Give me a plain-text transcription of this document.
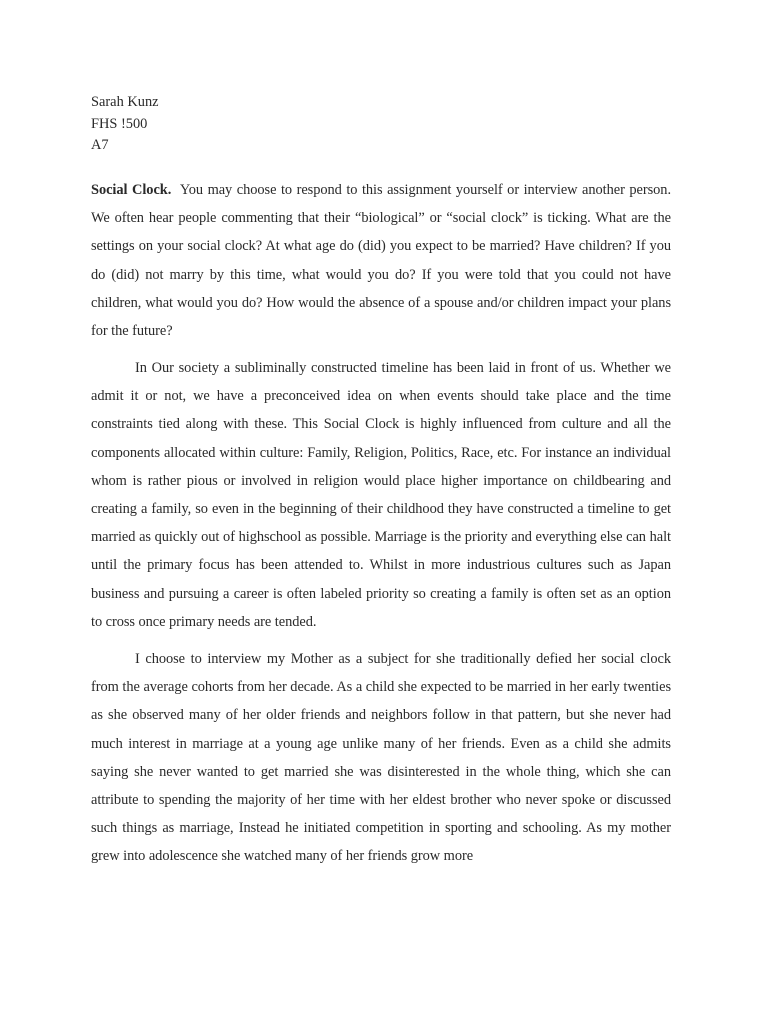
Sarah Kunz
FHS !500
A7
Social Clock. You may choose to respond to this assignment yourself or interview another person. We often hear people commenting that their “biological” or “social clock” is ticking. What are the settings on your social clock? At what age do (did) you expect to be married? Have children? If you do (did) not marry by this time, what would you do? If you were told that you could not have children, what would you do? How would the absence of a spouse and/or children impact your plans for the future?
In Our society a subliminally constructed timeline has been laid in front of us. Whether we admit it or not, we have a preconceived idea on when events should take place and the time constraints tied along with these. This Social Clock is highly influenced from culture and all the components allocated within culture: Family, Religion, Politics, Race, etc. For instance an individual whom is rather pious or involved in religion would place higher importance on childbearing and creating a family, so even in the beginning of their childhood they have constructed a timeline to get married as quickly out of highschool as possible. Marriage is the priority and everything else can halt until the primary focus has been attended to. Whilst in more industrious cultures such as Japan business and pursuing a career is often labeled priority so creating a family is often set as an option to cross once primary needs are tended.
I choose to interview my Mother as a subject for she traditionally defied her social clock from the average cohorts from her decade. As a child she expected to be married in her early twenties as she observed many of her older friends and neighbors follow in that pattern, but she never had much interest in marriage at a young age unlike many of her friends. Even as a child she admits saying she never wanted to get married she was disinterested in the whole thing, which she can attribute to spending the majority of her time with her eldest brother who never spoke or discussed such things as marriage, Instead he initiated competition in sporting and schooling. As my mother grew into adolescence she watched many of her friends grow more
